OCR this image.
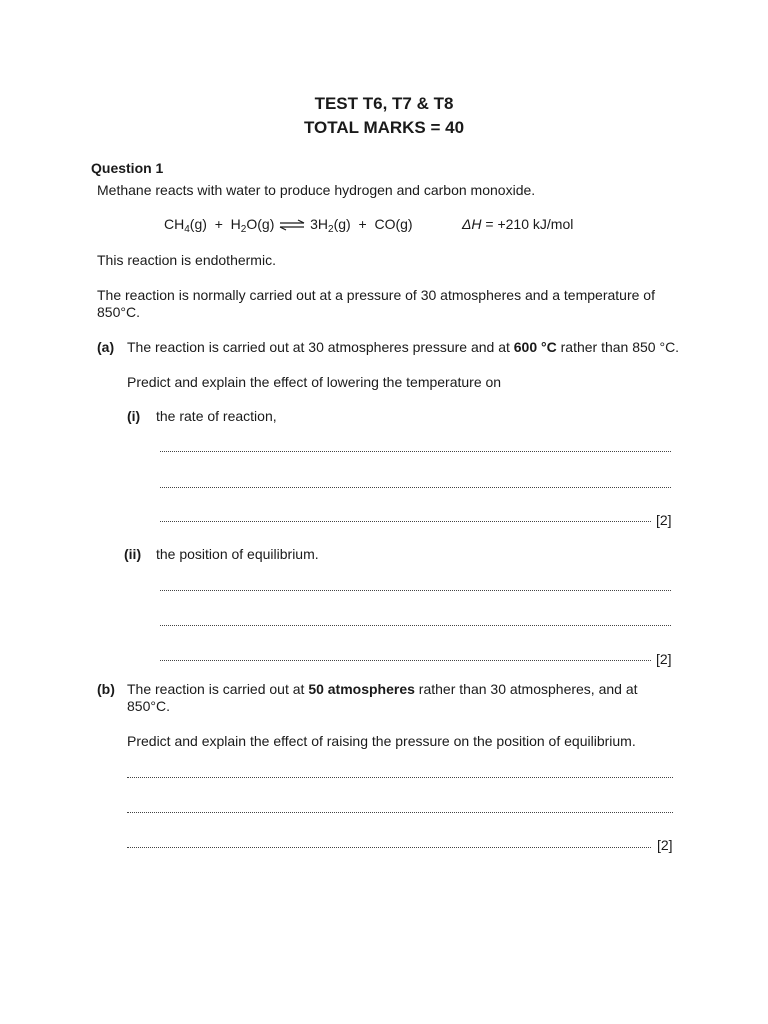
TEST T6, T7 & T8
TOTAL MARKS = 40
Question 1
Methane reacts with water to produce hydrogen and carbon monoxide.
$CH_4(g) + H_2O(g)$ ⇌ $3H_2(g) + CO(g)$	ΔH = +210 kJ/mol
This reaction is endothermic.
The reaction is normally carried out at a pressure of 30 atmospheres and a temperature of
850°C.
(a) The reaction is carried out at 30 atmospheres pressure and at 600 °C rather than 850 °C.
Predict and explain the effect of lowering the temperature on
(i) the rate of reaction,
[2]
(ii) the position of equilibrium.
[2]
(b) The reaction is carried out at 50 atmospheres rather than 30 atmospheres, and at
850°C.
Predict and explain the effect of raising the pressure on the position of equilibrium.
[2]
